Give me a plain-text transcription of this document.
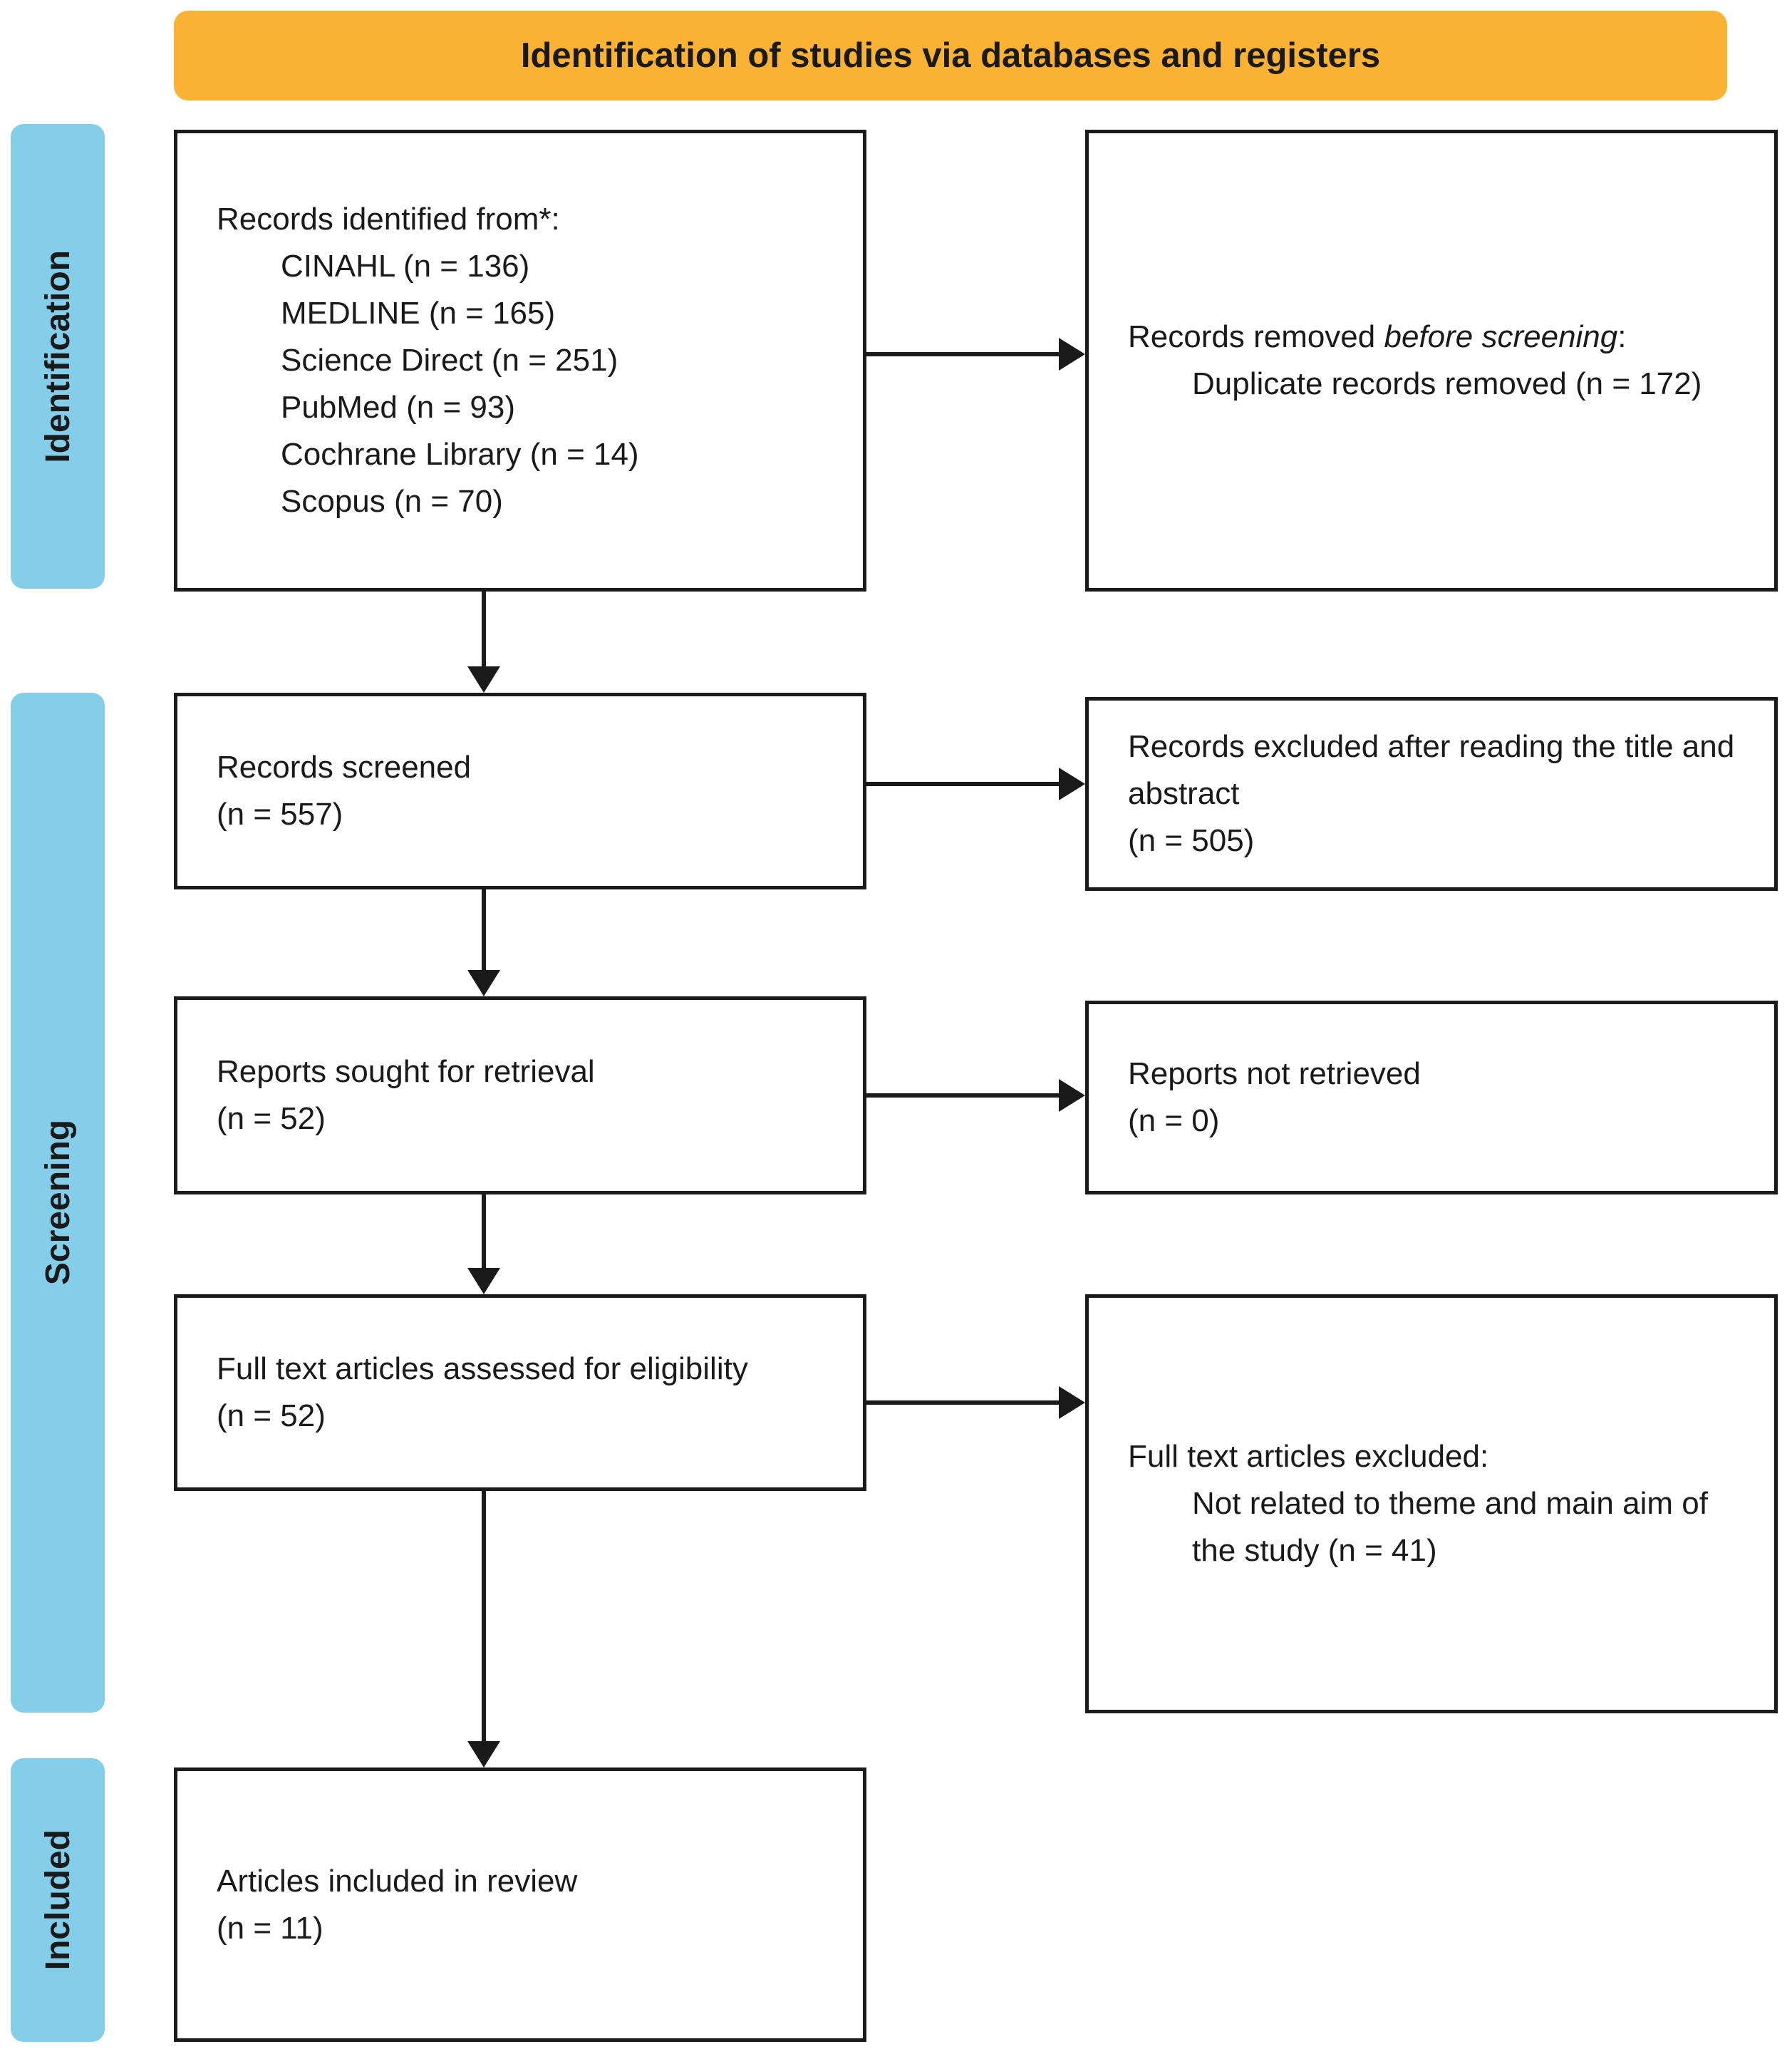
Identification of studies via databases and registers
Identification
Screening
Included
Records identified from*:
CINAHL (n = 136)
MEDLINE (n = 165)
Science Direct (n = 251)
PubMed (n = 93)
Cochrane Library (n = 14)
Scopus (n = 70)
Records screened
(n = 557)
Reports sought for retrieval
(n = 52)
Full text articles assessed for eligibility
(n = 52)
Articles included in review
(n = 11)
Records removed before screening:
Duplicate records removed (n = 172)
Records excluded after reading the title and abstract
(n = 505)
Reports not retrieved
(n = 0)
Full text articles excluded:
Not related to theme and main aim of the study (n = 41)
